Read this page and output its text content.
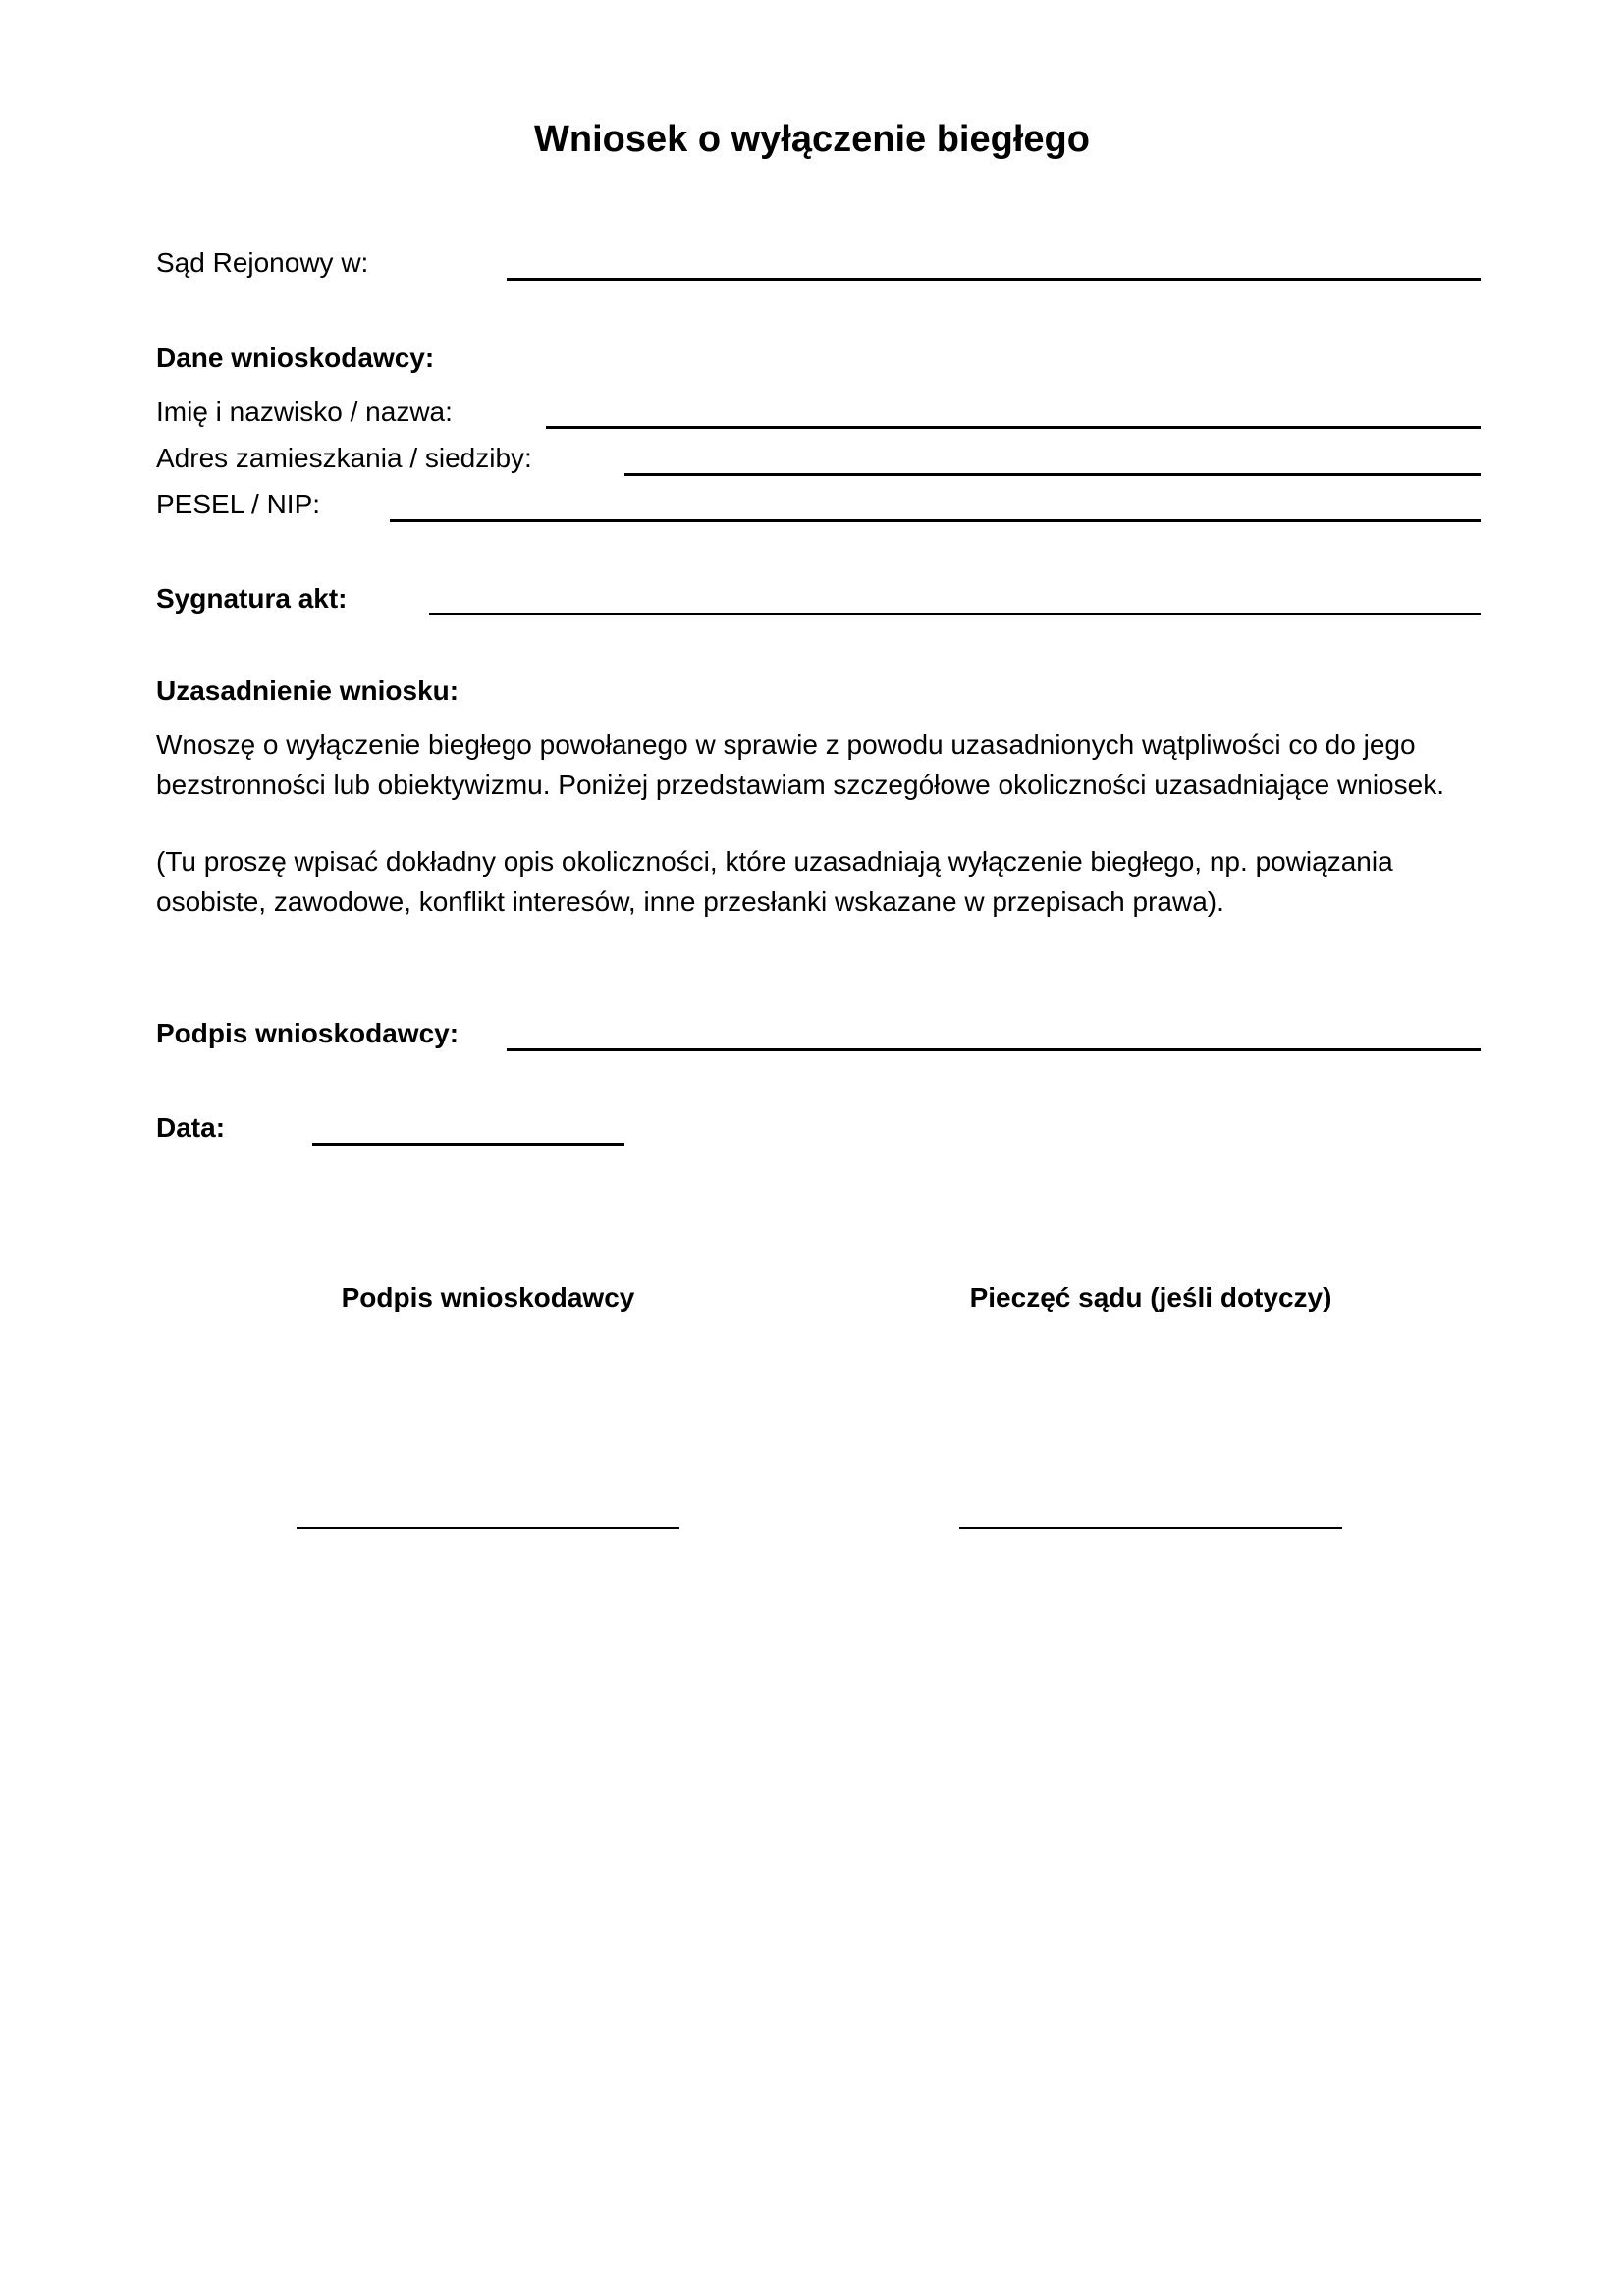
Wniosek o wyłączenie biegłego
Sąd Rejonowy w:
Dane wnioskodawcy:
Imię i nazwisko / nazwa:
Adres zamieszkania / siedziby:
PESEL / NIP:
Sygnatura akt:
Uzasadnienie wniosku:
Wnoszę o wyłączenie biegłego powołanego w sprawie z powodu uzasadnionych wątpliwości co do jego bezstronności lub obiektywizmu. Poniżej przedstawiam szczegółowe okoliczności uzasadniające wniosek.
(Tu proszę wpisać dokładny opis okoliczności, które uzasadniają wyłączenie biegłego, np. powiązania osobiste, zawodowe, konflikt interesów, inne przesłanki wskazane w przepisach prawa).
Podpis wnioskodawcy:
Data:
Podpis wnioskodawcy	Pieczęć sądu (jeśli dotyczy)
